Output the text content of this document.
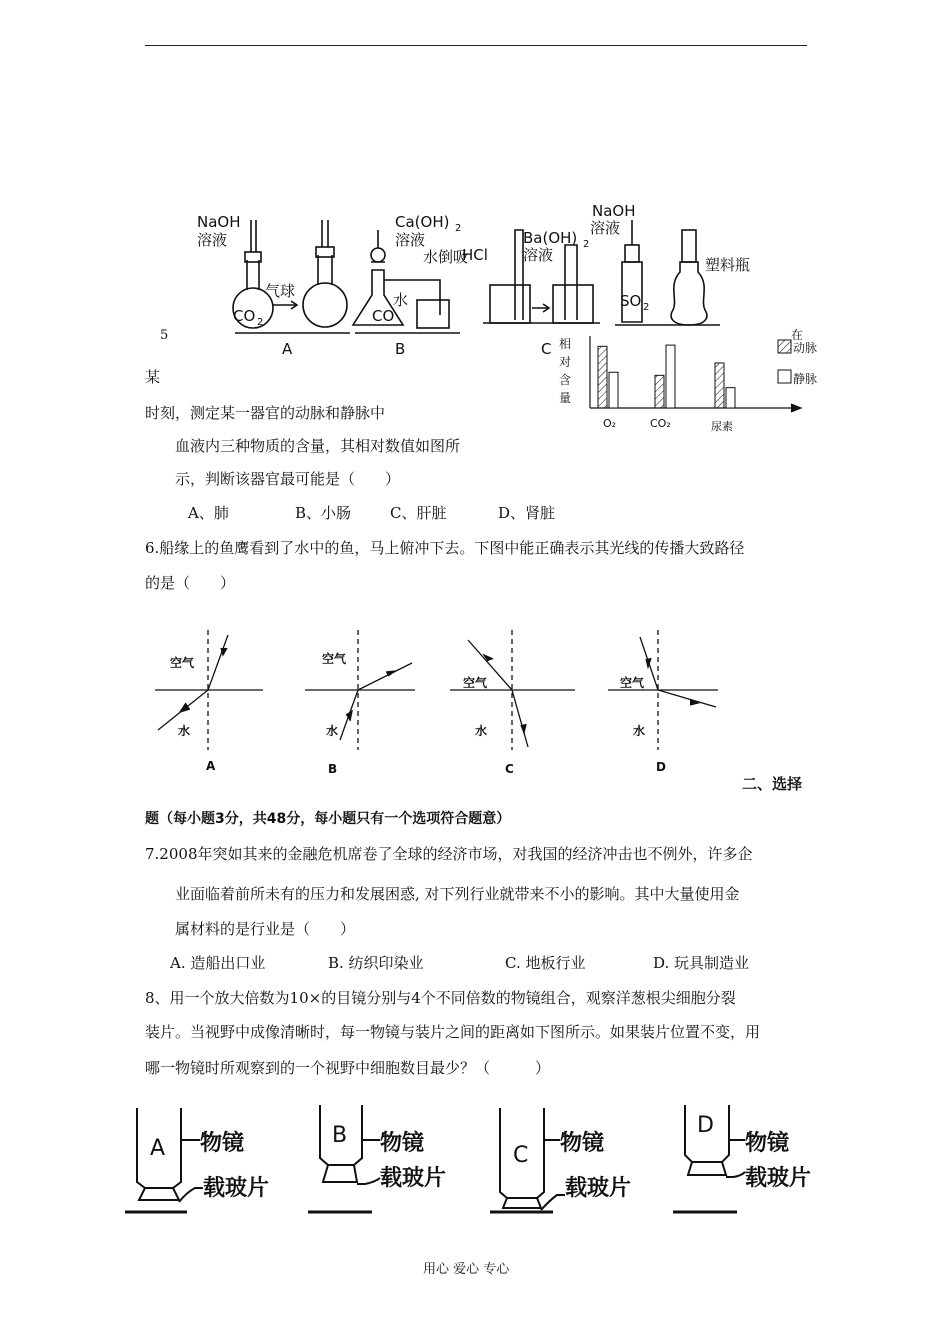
NaOH
溶液
气球
CO 2
A
Ca(OH) 2
溶液
水倒吸
水
CO
B
HCl
Ba(OH) 2
溶液
NaOH
溶液
SO 2
塑料瓶
5
某
时刻，测定某一器官的动脉和静脉中
血液内三种物质的含量，其相对数值如图所
示，判断该器官最可能是（　　）
A、肺	B、小肠	C、肝脏	D、肾脏
C 相
对
含
量
O₂	CO₂	尿素
在
动脉
静脉
6.船缘上的鱼鹰看到了水中的鱼，马上俯冲下去。下图中能正确表示其光线的传播大致路径
的是（　　）
空气
水
A
空气
水
B
空气
水
C
空气
水
D
二、选择
题（每小题3分，共48分，每小题只有一个选项符合题意）
7.2008年突如其来的金融危机席卷了全球的经济市场，对我国的经济冲击也不例外，许多企
业面临着前所未有的压力和发展困惑, 对下列行业就带来不小的影响。其中大量使用金
属材料的是行业是（　　）
A. 造船出口业	B. 纺织印染业	C. 地板行业	D. 玩具制造业
8、用一个放大倍数为10×的目镜分别与4个不同倍数的物镜组合，观察洋葱根尖细胞分裂
装片。当视野中成像清晰时，每一物镜与装片之间的距离如下图所示。如果装片位置不变，用
哪一物镜时所观察到的一个视野中细胞数目最少？（　　　）
A
B
C
D
物镜
载玻片
物镜
载玻片
物镜
载玻片
物镜
载玻片
用心 爱心 专心
